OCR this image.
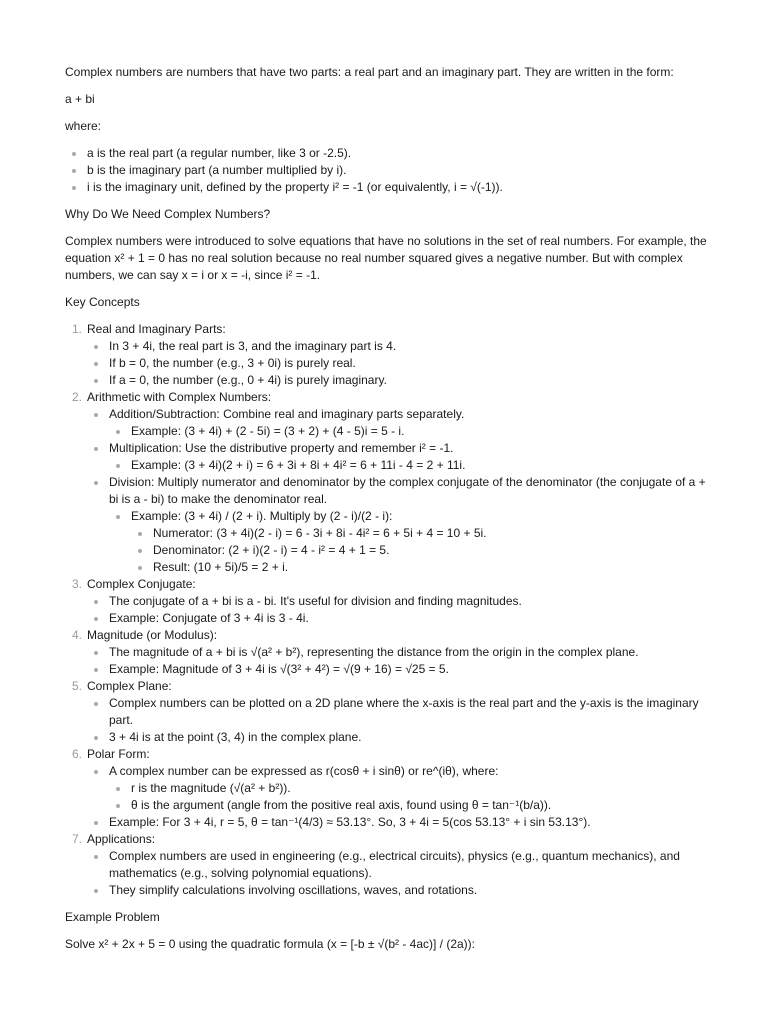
Complex numbers are numbers that have two parts: a real part and an imaginary part. They are written in the form:

a + bi

where:

a is the real part (a regular number, like 3 or -2.5).
b is the imaginary part (a number multiplied by i).
i is the imaginary unit, defined by the property i² = -1 (or equivalently, i = √(-1)).

Why Do We Need Complex Numbers?

Complex numbers were introduced to solve equations that have no solutions in the set of real numbers. For example, the equation x² + 1 = 0 has no real solution because no real number squared gives a negative number. But with complex numbers, we can say x = i or x = -i, since i² = -1.

Key Concepts

1. Real and Imaginary Parts:
In 3 + 4i, the real part is 3, and the imaginary part is 4.
If b = 0, the number (e.g., 3 + 0i) is purely real.
If a = 0, the number (e.g., 0 + 4i) is purely imaginary.
2. Arithmetic with Complex Numbers:
Addition/Subtraction: Combine real and imaginary parts separately.
Example: (3 + 4i) + (2 - 5i) = (3 + 2) + (4 - 5)i = 5 - i.
Multiplication: Use the distributive property and remember i² = -1.
Example: (3 + 4i)(2 + i) = 6 + 3i + 8i + 4i² = 6 + 11i - 4 = 2 + 11i.
Division: Multiply numerator and denominator by the complex conjugate of the denominator (the conjugate of a + bi is a - bi) to make the denominator real.
Example: (3 + 4i) / (2 + i). Multiply by (2 - i)/(2 - i):
Numerator: (3 + 4i)(2 - i) = 6 - 3i + 8i - 4i² = 6 + 5i + 4 = 10 + 5i.
Denominator: (2 + i)(2 - i) = 4 - i² = 4 + 1 = 5.
Result: (10 + 5i)/5 = 2 + i.
3. Complex Conjugate:
The conjugate of a + bi is a - bi. It's useful for division and finding magnitudes.
Example: Conjugate of 3 + 4i is 3 - 4i.
4. Magnitude (or Modulus):
The magnitude of a + bi is √(a² + b²), representing the distance from the origin in the complex plane.
Example: Magnitude of 3 + 4i is √(3² + 4²) = √(9 + 16) = √25 = 5.
5. Complex Plane:
Complex numbers can be plotted on a 2D plane where the x-axis is the real part and the y-axis is the imaginary part.
3 + 4i is at the point (3, 4) in the complex plane.
6. Polar Form:
A complex number can be expressed as r(cosθ + i sinθ) or re^(iθ), where:
r is the magnitude (√(a² + b²)).
θ is the argument (angle from the positive real axis, found using θ = tan⁻¹(b/a)).
Example: For 3 + 4i, r = 5, θ = tan⁻¹(4/3) ≈ 53.13°. So, 3 + 4i = 5(cos 53.13° + i sin 53.13°).
7. Applications:
Complex numbers are used in engineering (e.g., electrical circuits), physics (e.g., quantum mechanics), and mathematics (e.g., solving polynomial equations).
They simplify calculations involving oscillations, waves, and rotations.

Example Problem

Solve x² + 2x + 5 = 0 using the quadratic formula (x = [-b ± √(b² - 4ac)] / (2a)):
